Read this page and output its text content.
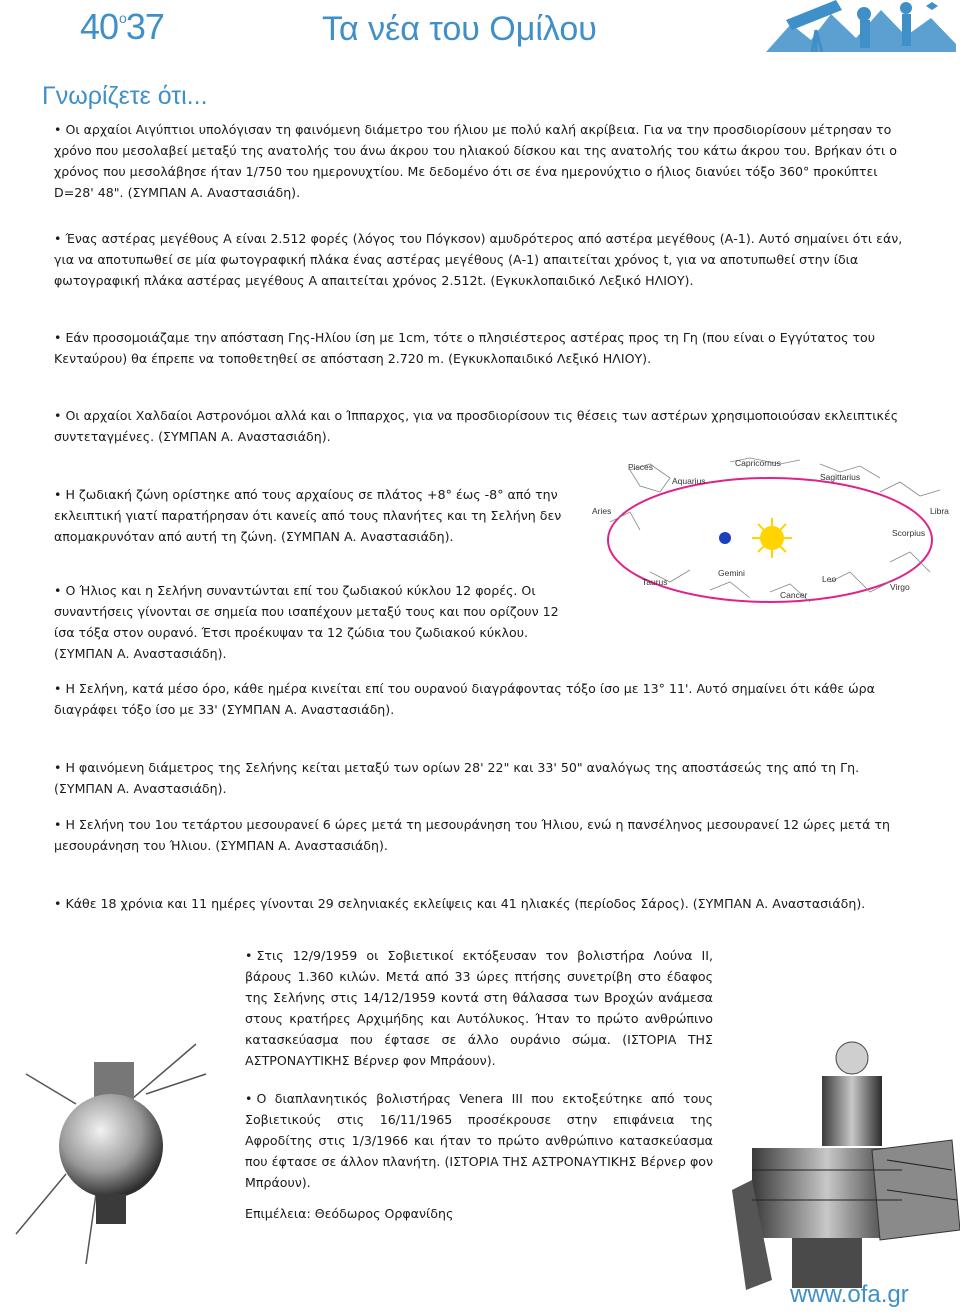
$40^o37$	Τα νέα του Ομίλου
Γνωρίζετε ότι...

• Οι αρχαίοι Αιγύπτιοι υπολόγισαν τη φαινόμενη διάμετρο του ήλιου με πολύ καλή ακρίβεια. Για να την προσδιορίσουν μέτρησαν το χρόνο που μεσολαβεί μεταξύ της ανατολής του άνω άκρου του ηλιακού δίσκου και της ανατολής του κάτω άκρου του. Βρήκαν ότι ο χρόνος που μεσολάβησε ήταν 1/750 του ημερονυχτίου. Με δεδομένο ότι σε ένα ημερονύχτιο ο ήλιος διανύει τόξο 360° προκύπτει D=28' 48". (ΣΥΜΠΑΝ Α. Αναστασιάδη).

• Ένας αστέρας μεγέθους Α είναι 2.512 φορές (λόγος του Πόγκσον) αμυδρότερος από αστέρα μεγέθους (Α-1). Αυτό σημαίνει ότι εάν, για να αποτυπωθεί σε μία φωτογραφική πλάκα ένας αστέρας μεγέθους (Α-1) απαιτείται χρόνος t, για να αποτυπωθεί στην ίδια φωτογραφική πλάκα αστέρας μεγέθους Α απαιτείται χρόνος 2.512t. (Εγκυκλοπαιδικό Λεξικό ΗΛΙΟΥ).

• Εάν προσομοιάζαμε την απόσταση Γης-Ηλίου ίση με 1cm, τότε ο πλησιέστερος αστέρας προς τη Γη (που είναι ο Εγγύτατος του Κενταύρου) θα έπρεπε να τοποθετηθεί σε απόσταση 2.720 m. (Εγκυκλοπαιδικό Λεξικό ΗΛΙΟΥ).

• Οι αρχαίοι Χαλδαίοι Αστρονόμοι αλλά και ο Ίππαρχος, για να προσδιορίσουν τις θέσεις των αστέρων χρησιμοποιούσαν εκλειπτικές συντεταγμένες. (ΣΥΜΠΑΝ Α. Αναστασιάδη).

• Η ζωδιακή ζώνη ορίστηκε από τους αρχαίους σε πλάτος +8° έως -8° από την εκλειπτική γιατί παρατήρησαν ότι κανείς από τους πλανήτες και τη Σελήνη δεν απομακρυνόταν από αυτή τη ζώνη. (ΣΥΜΠΑΝ Α. Αναστασιάδη).

• Ο Ήλιος και η Σελήνη συναντώνται επί του ζωδιακού κύκλου 12 φορές. Οι συναντήσεις γίνονται σε σημεία που ισαπέχουν μεταξύ τους και που ορίζουν 12 ίσα τόξα στον ουρανό. Έτσι προέκυψαν τα 12 ζώδια του ζωδιακού κύκλου. (ΣΥΜΠΑΝ Α. Αναστασιάδη).

• Η Σελήνη, κατά μέσο όρο, κάθε ημέρα κινείται επί του ουρανού διαγράφοντας τόξο ίσο με 13° 11'. Αυτό σημαίνει ότι κάθε ώρα διαγράφει τόξο ίσο με 33' (ΣΥΜΠΑΝ Α. Αναστασιάδη).

• Η φαινόμενη διάμετρος της Σελήνης κείται μεταξύ των ορίων 28' 22" και 33' 50" αναλόγως της αποστάσεώς της από τη Γη. (ΣΥΜΠΑΝ Α. Αναστασιάδη).

• Η Σελήνη του 1ου τετάρτου μεσουρανεί 6 ώρες μετά τη μεσουράνηση του Ήλιου, ενώ η πανσέληνος μεσουρανεί 12 ώρες μετά τη μεσουράνηση του Ήλιου. (ΣΥΜΠΑΝ Α. Αναστασιάδη).

• Κάθε 18 χρόνια και 11 ημέρες γίνονται 29 σεληνιακές εκλείψεις και 41 ηλιακές (περίοδος Σάρος). (ΣΥΜΠΑΝ Α. Αναστασιάδη).

• Στις 12/9/1959 οι Σοβιετικοί εκτόξευσαν τον βολιστήρα Λούνα ΙΙ, βάρους 1.360 κιλών. Μετά από 33 ώρες πτήσης συνετρίβη στο έδαφος της Σελήνης στις 14/12/1959 κοντά στη θάλασσα των Βροχών ανάμεσα στους κρατήρες Αρχιμήδης και Αυτόλυκος. Ήταν το πρώτο ανθρώπινο κατασκεύασμα που έφτασε σε άλλο ουράνιο σώμα. (ΙΣΤΟΡΙΑ ΤΗΣ ΑΣΤΡΟΝΑΥΤΙΚΗΣ Βέρνερ φον Μπράουν).

• Ο διαπλανητικός βολιστήρας Venera III που εκτοξεύτηκε από τους Σοβιετικούς στις 16/11/1965 προσέκρουσε στην επιφάνεια της Αφροδίτης στις 1/3/1966 και ήταν το πρώτο ανθρώπινο κατασκεύασμα που έφτασε σε άλλον πλανήτη. (ΙΣΤΟΡΙΑ ΤΗΣ ΑΣΤΡΟΝΑΥΤΙΚΗΣ Βέρνερ φον Μπράουν).

Capricornus
Pisces
Aquarius	Sagittarius
Aries	Libra
Scorpius
Taurus
Gemini
Cancer
Leo
Virgo
Επιμέλεια: Θεόδωρος Ορφανίδης
www.ofa.gr
